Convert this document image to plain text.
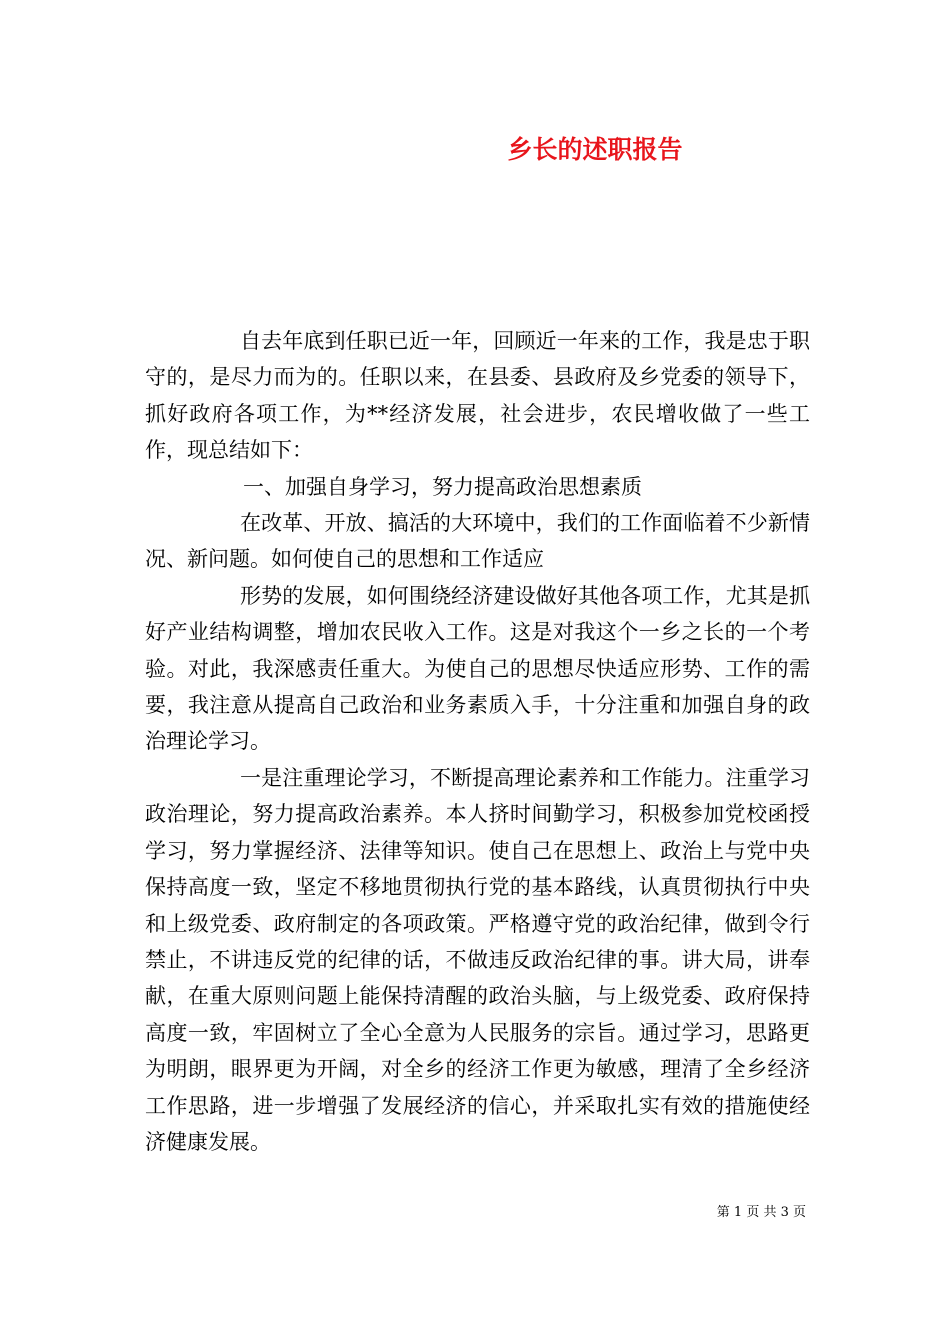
乡长的述职报告

自去年底到任职已近一年，回顾近一年来的工作，我是忠于职守的，是尽力而为的。任职以来，在县委、县政府及乡党委的领导下，抓好政府各项工作，为**经济发展，社会进步，农民增收做了一些工作，现总结如下：

一、加强自身学习，努力提高政治思想素质

在改革、开放、搞活的大环境中，我们的工作面临着不少新情况、新问题。如何使自己的思想和工作适应

形势的发展，如何围绕经济建设做好其他各项工作，尤其是抓好产业结构调整，增加农民收入工作。这是对我这个一乡之长的一个考验。对此，我深感责任重大。为使自己的思想尽快适应形势、工作的需要，我注意从提高自己政治和业务素质入手，十分注重和加强自身的政治理论学习。

一是注重理论学习，不断提高理论素养和工作能力。注重学习政治理论，努力提高政治素养。本人挤时间勤学习，积极参加党校函授学习，努力掌握经济、法律等知识。使自己在思想上、政治上与党中央保持高度一致，坚定不移地贯彻执行党的基本路线，认真贯彻执行中央和上级党委、政府制定的各项政策。严格遵守党的政治纪律，做到令行禁止，不讲违反党的纪律的话，不做违反政治纪律的事。讲大局，讲奉献，在重大原则问题上能保持清醒的政治头脑，与上级党委、政府保持高度一致，牢固树立了全心全意为人民服务的宗旨。通过学习，思路更为明朗，眼界更为开阔，对全乡的经济工作更为敏感，理清了全乡经济工作思路，进一步增强了发展经济的信心，并采取扎实有效的措施使经济健康发展。

第 1 页 共 3 页
